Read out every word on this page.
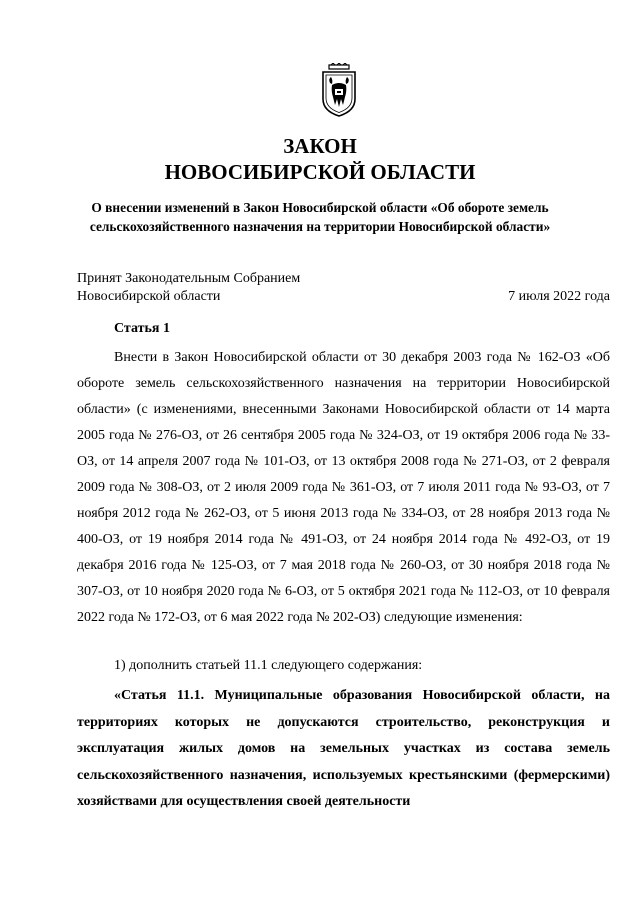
ЗАКОН
НОВОСИБИРСКОЙ ОБЛАСТИ
О внесении изменений в Закон Новосибирской области «Об обороте земель сельскохозяйственного назначения на территории Новосибирской области»
Принят Законодательным Собранием
Новосибирской области	7 июля 2022 года
Статья 1

Внести в Закон Новосибирской области от 30 декабря 2003 года № 162-ОЗ «Об обороте земель сельскохозяйственного назначения на территории Новосибирской области» (с изменениями, внесенными Законами Новосибирской области от 14 марта 2005 года № 276-ОЗ, от 26 сентября 2005 года № 324-ОЗ, от 19 октября 2006 года № 33-ОЗ, от 14 апреля 2007 года № 101-ОЗ, от 13 октября 2008 года № 271-ОЗ, от 2 февраля 2009 года № 308-ОЗ, от 2 июля 2009 года № 361-ОЗ, от 7 июля 2011 года № 93-ОЗ, от 7 ноября 2012 года № 262-ОЗ, от 5 июня 2013 года № 334-ОЗ, от 28 ноября 2013 года № 400-ОЗ, от 19 ноября 2014 года № 491-ОЗ, от 24 ноября 2014 года № 492-ОЗ, от 19 декабря 2016 года № 125-ОЗ, от 7 мая 2018 года № 260-ОЗ, от 30 ноября 2018 года № 307-ОЗ, от 10 ноября 2020 года № 6-ОЗ, от 5 октября 2021 года № 112-ОЗ, от 10 февраля 2022 года № 172-ОЗ, от 6 мая 2022 года № 202-ОЗ) следующие изменения:

1) дополнить статьей 11.1 следующего содержания:

«Статья 11.1. Муниципальные образования Новосибирской области, на территориях которых не допускаются строительство, реконструкция и эксплуатация жилых домов на земельных участках из состава земель сельскохозяйственного назначения, используемых крестьянскими (фермерскими) хозяйствами для осуществления своей деятельности
